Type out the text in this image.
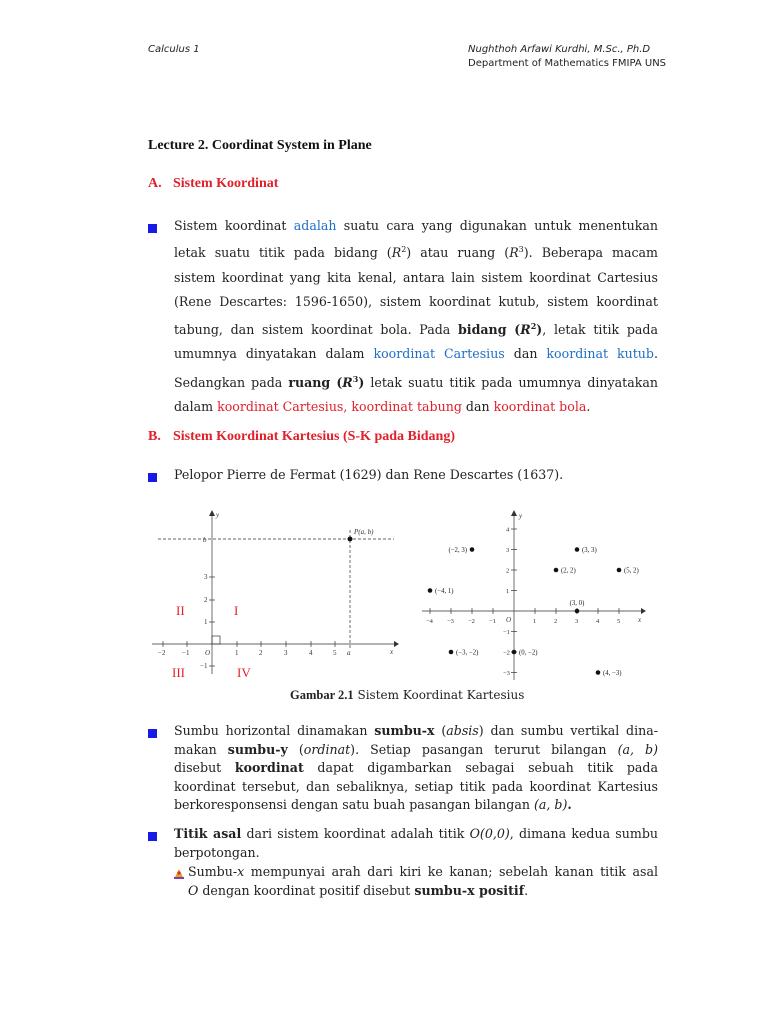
Calculus 1	Nughthoh Arfawi Kurdhi, M.Sc., Ph.D
Department of Mathematics FMIPA UNS
Lecture 2. Coordinat System in Plane
A. Sistem Koordinat
Sistem koordinat adalah suatu cara yang digunakan untuk menentukan
letak suatu titik pada bidang $(R^2)$ atau ruang $(R^3)$. Beberapa macam
sistem koordinat yang kita kenal, antara lain sistem koordinat Cartesius
(Rene Descartes: 1596-1650), sistem koordinat kutub, sistem koordinat
tabung, dan sistem koordinat bola. Pada bidang $(R^2)$, letak titik pada
umumnya dinyatakan dalam koordinat Cartesius dan koordinat kutub.
Sedangkan pada ruang $(R^3)$ letak suatu titik pada umumnya dinyatakan
dalam koordinat Cartesius, koordinat tabung dan koordinat bola.
B. Sistem Koordinat Kartesius (S-K pada Bidang)
Pelopor Pierre de Fermat (1629) dan Rene Descartes (1637).
y
x
P(a, b)
b
a
O
−2 −1	1	2	3	4	5
3
2
1
−1
II	I
III	IV
−4 −3 −2 −1	1	2	3	4	5
−3
−2
−1
1
2
3
4
(−2, 3)	(3, 3)
(2, 2)	(5, 2)
(−4, 1)
(3, 0)
(−3, −2)	(0, −2)
(4, −3)
y
x
O
Gambar 2.1 Sistem Koordinat Kartesius
Sumbu horizontal dinamakan sumbu-x (absis) dan sumbu vertikal dina-
makan sumbu-y (ordinat). Setiap pasangan terurut bilangan (a, b)
disebut koordinat dapat digambarkan sebagai sebuah titik pada
koordinat tersebut, dan sebaliknya, setiap titik pada koordinat Kartesius
berkoresponsensi dengan satu buah pasangan bilangan (a, b).
Titik asal dari sistem koordinat adalah titik O(0,0), dimana kedua sumbu
berpotongan.
Sumbu-x mempunyai arah dari kiri ke kanan; sebelah kanan titik asal
O dengan koordinat positif disebut sumbu-x positif.
